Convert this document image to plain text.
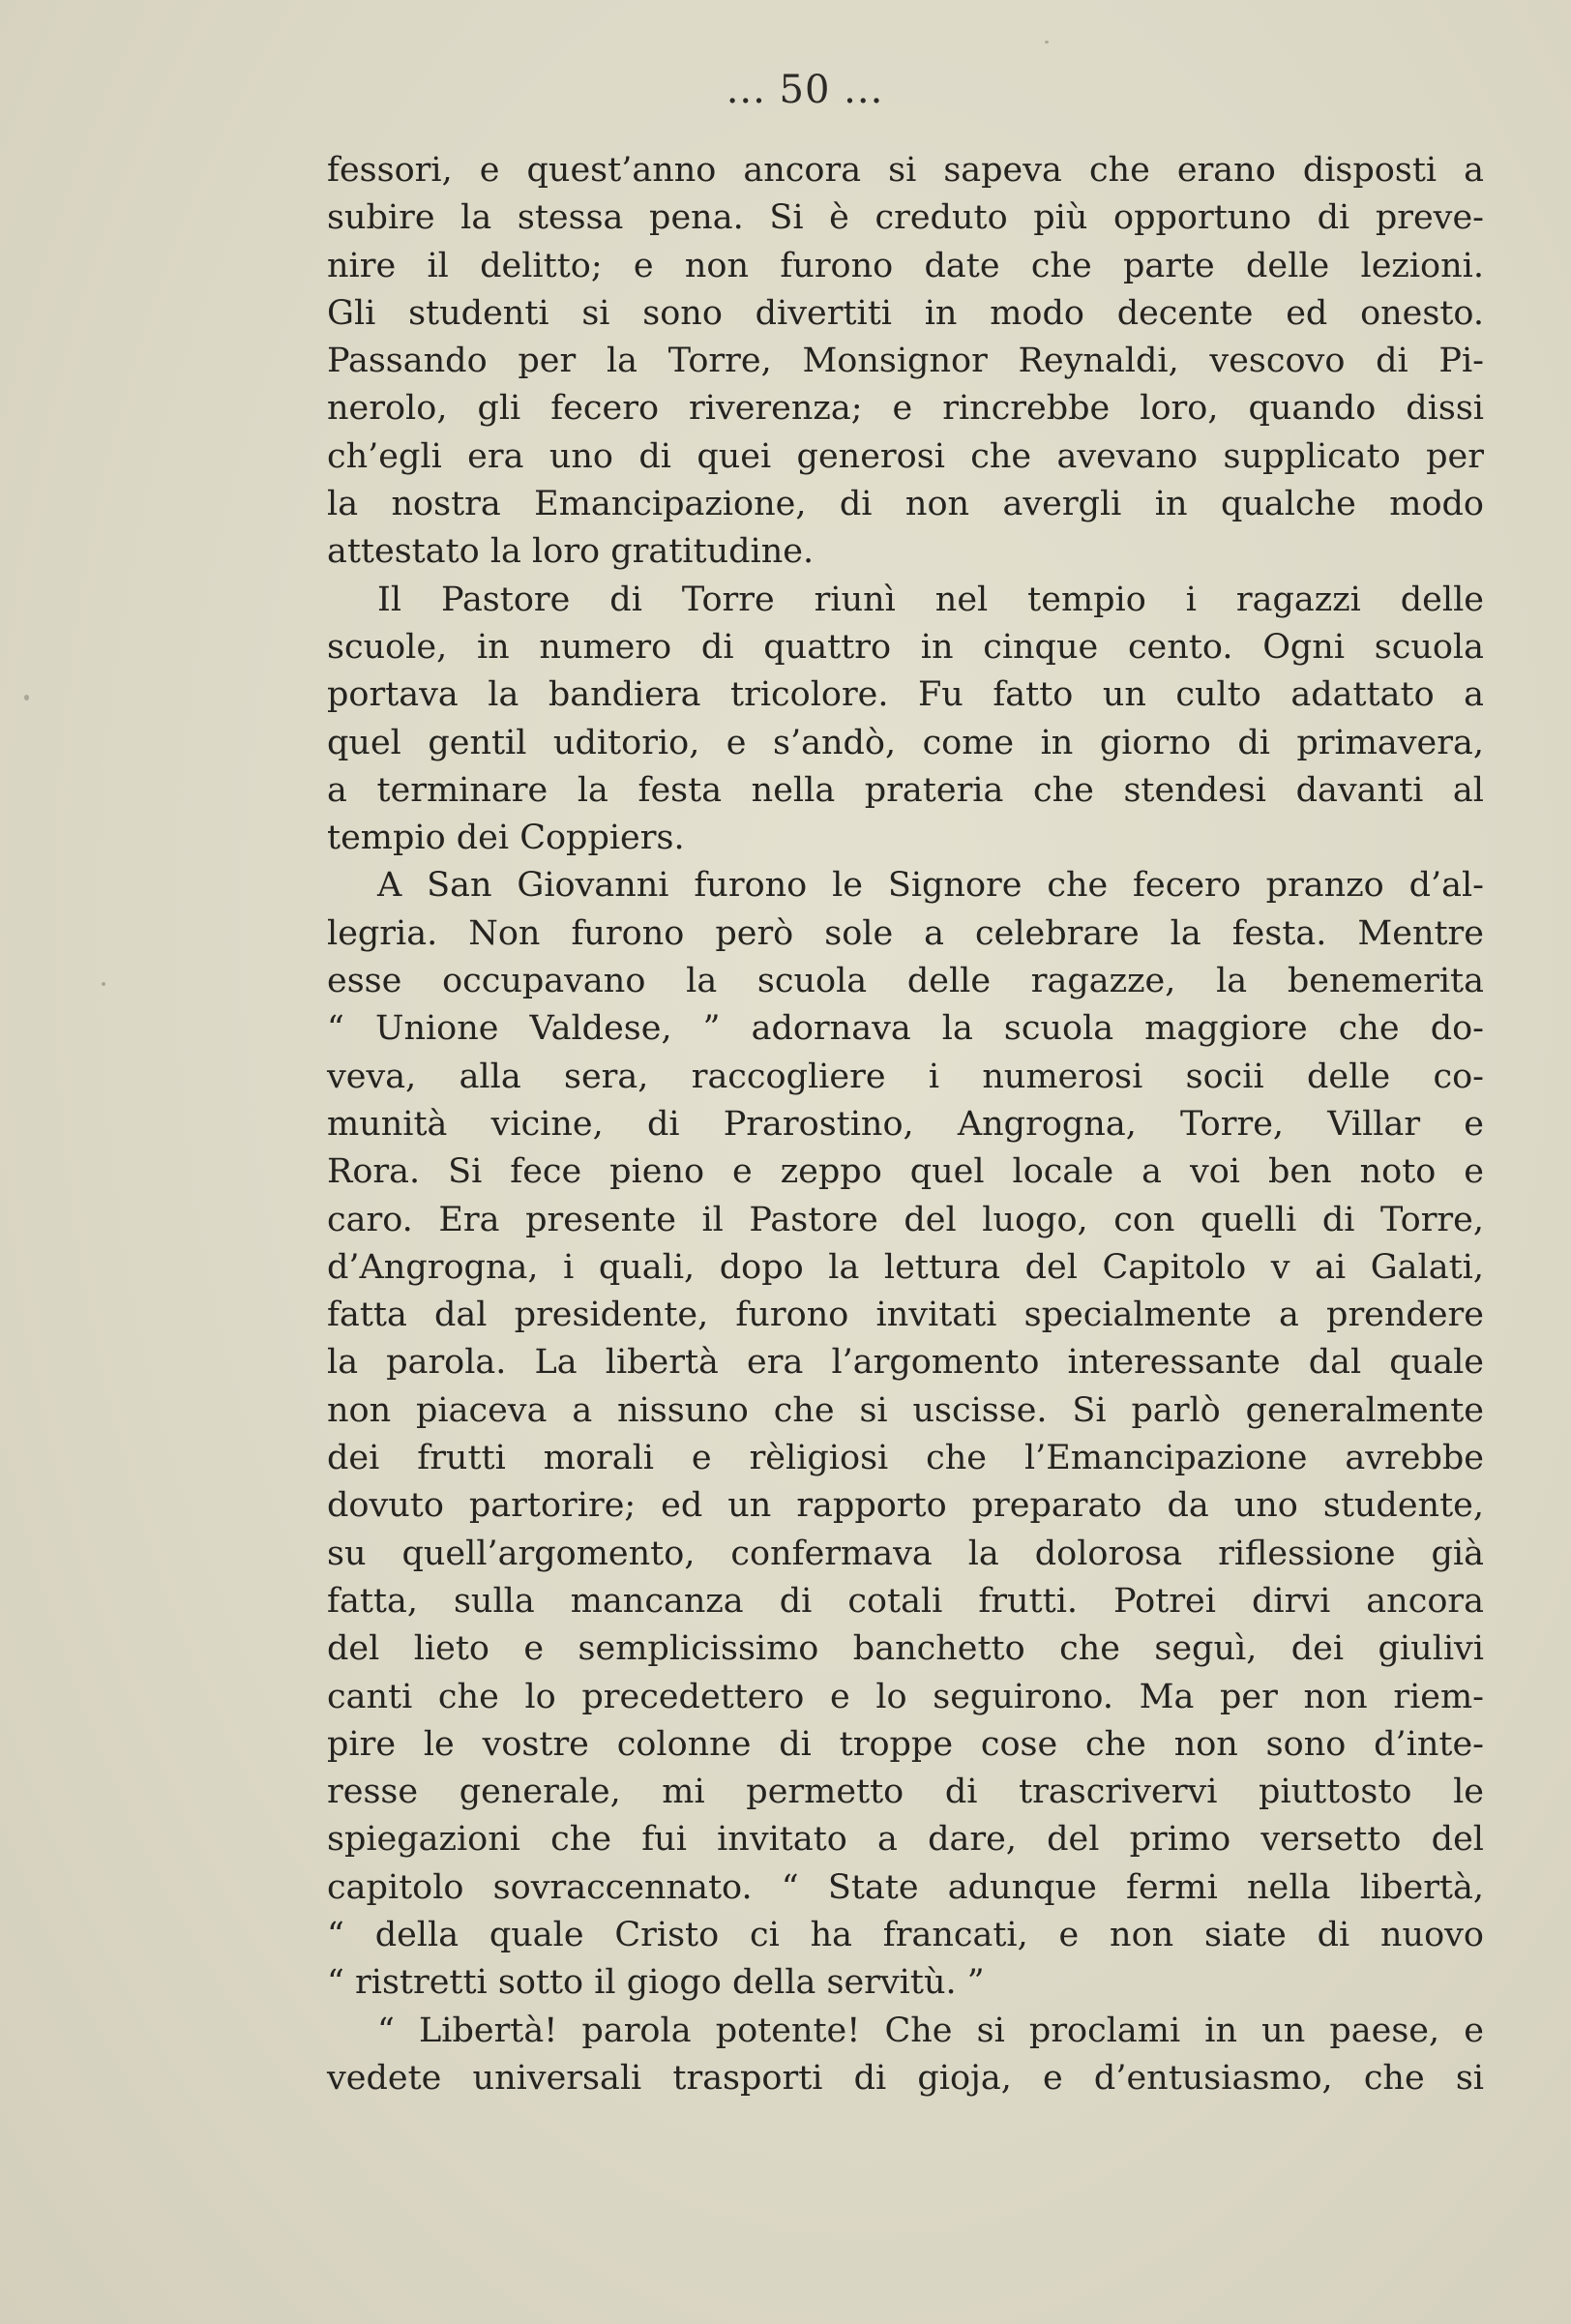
... 50 ...
fessori, e quest’anno ancora si sapeva che erano disposti a
subire la stessa pena. Si è creduto più opportuno di preve-
nire il delitto; e non furono date che parte delle lezioni.
Gli studenti si sono divertiti in modo decente ed onesto.
Passando per la Torre, Monsignor Reynaldi, vescovo di Pi-
nerolo, gli fecero riverenza; e rincrebbe loro, quando dissi
ch’egli era uno di quei generosi che avevano supplicato per
la nostra Emancipazione, di non avergli in qualche modo
attestato la loro gratitudine.
Il Pastore di Torre riunì nel tempio i ragazzi delle
scuole, in numero di quattro in cinque cento. Ogni scuola
portava la bandiera tricolore. Fu fatto un culto adattato a
quel gentil uditorio, e s’andò, come in giorno di primavera,
a terminare la festa nella prateria che stendesi davanti al
tempio dei Coppiers.
A San Giovanni furono le Signore che fecero pranzo d’al-
legria. Non furono però sole a celebrare la festa. Mentre
esse occupavano la scuola delle ragazze, la benemerita
“ Unione Valdese, ” adornava la scuola maggiore che do-
veva, alla sera, raccogliere i numerosi socii delle co-
munità vicine, di Prarostino, Angrogna, Torre, Villar e
Rora. Si fece pieno e zeppo quel locale a voi ben noto e
caro. Era presente il Pastore del luogo, con quelli di Torre,
d’Angrogna, i quali, dopo la lettura del Capitolo v ai Galati,
fatta dal presidente, furono invitati specialmente a prendere
la parola. La libertà era l’argomento interessante dal quale
non piaceva a nissuno che si uscisse. Si parlò generalmente
dei frutti morali e rèligiosi che l’Emancipazione avrebbe
dovuto partorire; ed un rapporto preparato da uno studente,
su quell’argomento, confermava la dolorosa riflessione già
fatta, sulla mancanza di cotali frutti. Potrei dirvi ancora
del lieto e semplicissimo banchetto che seguì, dei giulivi
canti che lo precedettero e lo seguirono. Ma per non riem-
pire le vostre colonne di troppe cose che non sono d’inte-
resse generale, mi permetto di trascrivervi piuttosto le
spiegazioni che fui invitato a dare, del primo versetto del
capitolo sovraccennato. “ State adunque fermi nella libertà,
“ della quale Cristo ci ha francati, e non siate di nuovo
“ ristretti sotto il giogo della servitù. ”
“ Libertà! parola potente! Che si proclami in un paese, e
vedete universali trasporti di gioja, e d’entusiasmo, che si
